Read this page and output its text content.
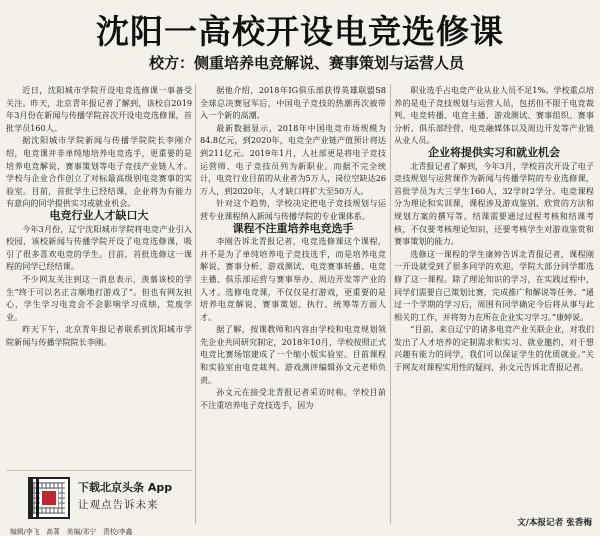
沈阳一高校开设电竞选修课
校方：侧重培养电竞解说、赛事策划与运营人员

近日，沈阳城市学院开设电竞选修课一事备受关注。昨天，北京青年报记者了解到，该校自2019年3月份在新闻与传播学院首次开设电竞选修课，首批学员160人。

据沈阳城市学院新闻与传播学院院长李刚介绍，电竞课并非单纯地培养电竞选手，更重要的是培养电竞解说、赛事策划等电子竞技产业链人才。学校与企业合作创立了对标最高级别电竞赛事的实验室。目前，首批学生已经结课，企业将为有能力有意向的同学提供实习或就业机会。

电竞行业人才缺口大

今年3月份，辽宁沈阳城市学院将电竞产业引入校园，该校新闻与传播学院开设了电竞选修课，吸引了很多喜欢电竞的学生。目前，首批选修这一课程的同学已经结课。

不少网友关注到这一消息表示，羡慕该校的学生“终于可以名正言顺地打游戏了”。但也有网友担心，学生学习电竞会不会影响学习成绩，荒废学业。

昨天下午，北京青年报记者联系到沈阳城市学院新闻与传播学院院长李刚。

据他介绍，2018年IG俱乐部获得英雄联盟S8全球总决赛冠军后，中国电子竞技的热潮再次被带入一个新的高潮。

最新数据显示，2018年中国电竞市场规模为84.8亿元，到2020年，电竞全产业链产值预计将达到211亿元。2019年1月，人社部更是将电子竞技运营师、电子竞技员列为新职业。而据不完全统计，电竞行业目前的从业者为5万人，岗位空缺达26万人，到2020年，人才缺口将扩大至50万人。

针对这个趋势，学校决定把电子竞技规划与运营专业课程纳入新闻与传播学院的专业课体系。

课程不注重培养电竞选手

李刚告诉北青报记者，电竞选修课这个课程，并不是为了单纯培养电子竞技选手，而是培养电竞解说、赛事分析、游戏测试、电竞赛事转播、电竞主播、俱乐部运营与赛事举办、周边开发等产业的人才。选修电竞课，不仅仅是打游戏，更重要的是培养电竞解说、赛事策划、执行、统筹等方面人才。

据了解，按课教师和内容由学校和电竞规划领先企业共同研究制定，2018年10月，学校按照正式电竞比赛场馆建成了一个缩小版实验室。目前课程和实验室由电竞裁判、游戏测评编辑孙文元老师负责。

孙文元在接受北青报记者采访时称，学校目前不注重培养电子竞技选手，因为

职业选手占电竞产业从业人员不足1%。学校重点培养的是电子竞技规划与运营人员，包括但不限于电竞裁判、电竞转播、电竞主播、游戏测试、赛事组织、赛事分析、俱乐部经营、电竞融媒体以及周边开发等产业链从业人员。

企业将提供实习和就业机会

北青报记者了解到，今年3月，学校首次开设了电子竞技规划与运营课作为新闻与传播学院的专业选修课，首批学员为大三学生160人，32学时2学分。电竞课程分为理论和实训课，课程涉及游戏鉴别、欣赏的方法和规划方案的撰写等。结课需要通过过程考核和结课考核，不仅要考核理论知识，还要考核学生对游戏鉴赏和赛事策划的能力。

选修这一课程的学生康婷告诉北青报记者，课程刚一开设就受到了很多同学的欢迎，学院大部分同学都选修了这一课程。除了理论知识的学习，在实践过程中，同学们需要自己策划比赛，完成推广和解说等任务。“通过一个学期的学习后，周围有同学确定今后将从事与此相关的工作，并将努力在所在企业实习学习。”康婷说。

“目前，来自辽宁的诸多电竞产业关联企业，对我们发出了人才培养的定制需求和实习、就业邀约，对于想兴趣有能力的同学，我们可以保证学生的优质就业。”关于网友对课程实用性的疑问，孙文元告诉北青报记者。

下载北京头条 App
让观点告诉未来
编辑/李飞　高菁　美编/邓宁　责校/李鑫
文/本报记者 张香梅
